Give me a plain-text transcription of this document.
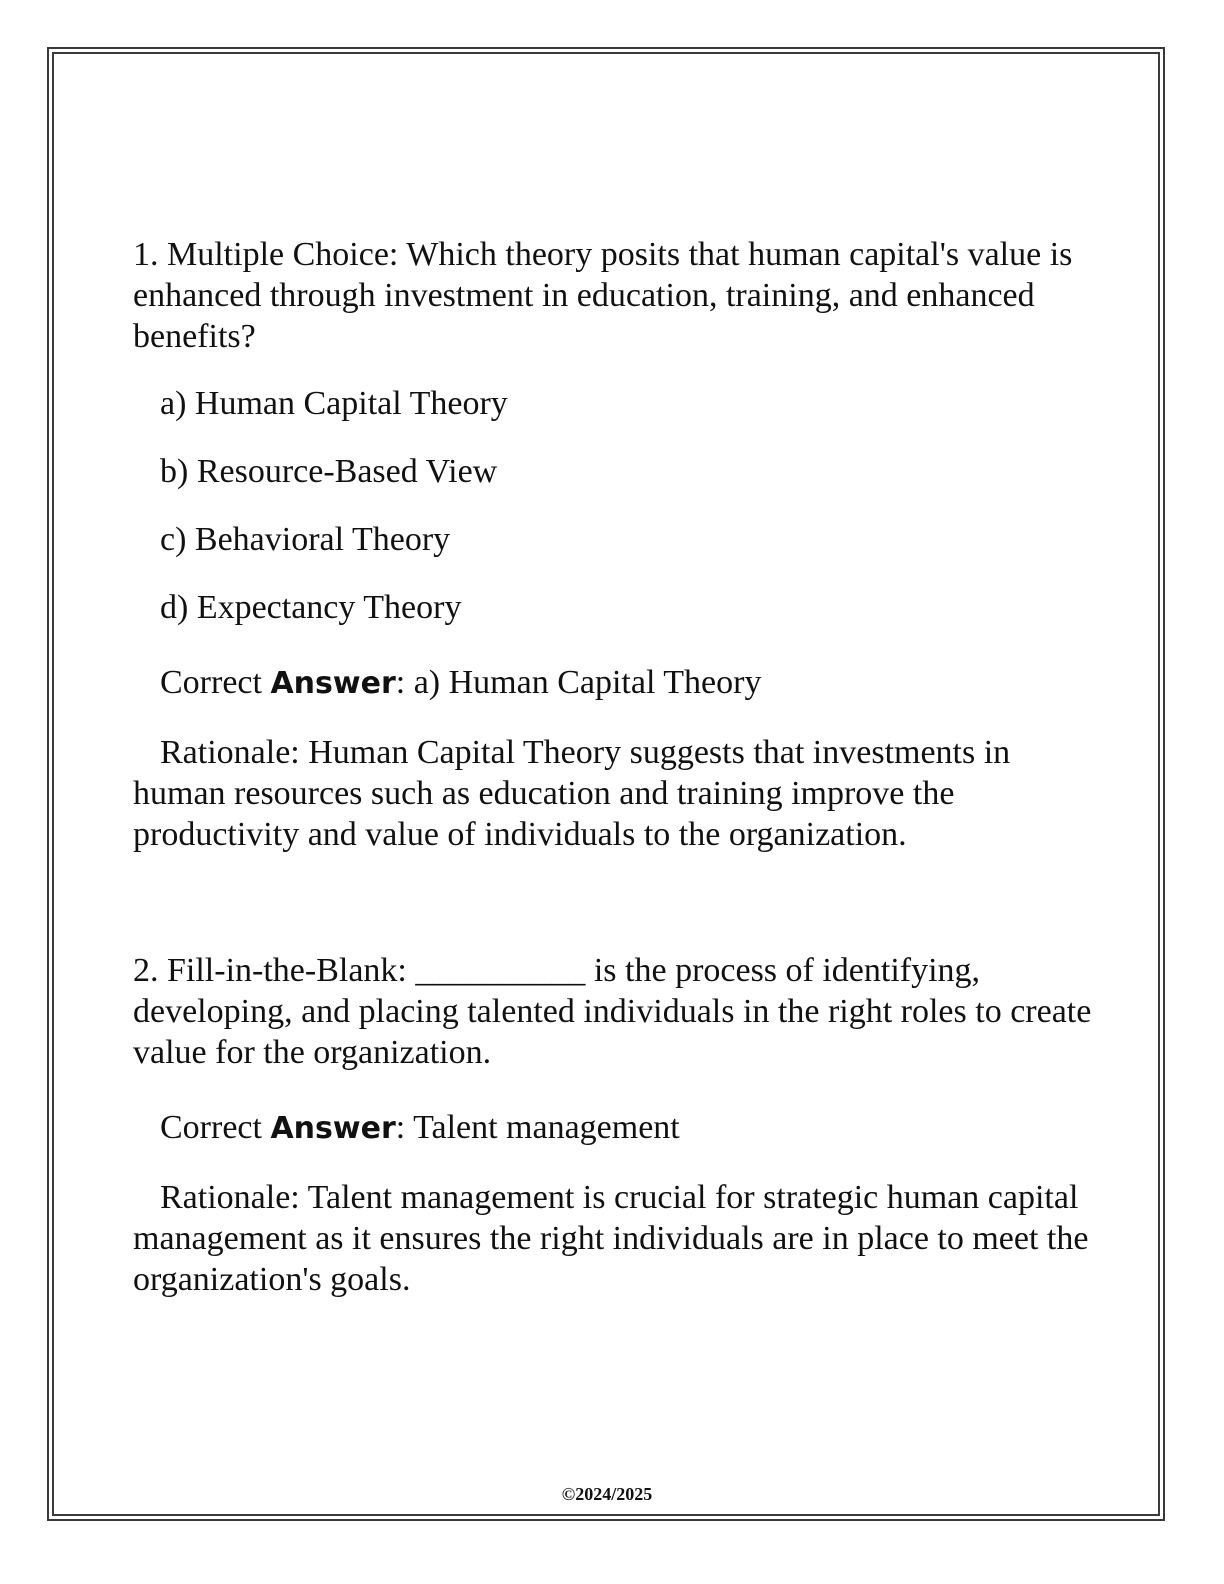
1. Multiple Choice: Which theory posits that human capital's value is enhanced through investment in education, training, and enhanced benefits?

a) Human Capital Theory

b) Resource-Based View

c) Behavioral Theory

d) Expectancy Theory

Correct Answer: a) Human Capital Theory

Rationale: Human Capital Theory suggests that investments in human resources such as education and training improve the productivity and value of individuals to the organization.

2. Fill-in-the-Blank: __________ is the process of identifying, developing, and placing talented individuals in the right roles to create value for the organization.

Correct Answer: Talent management

Rationale: Talent management is crucial for strategic human capital management as it ensures the right individuals are in place to meet the organization's goals.

©2024/2025
